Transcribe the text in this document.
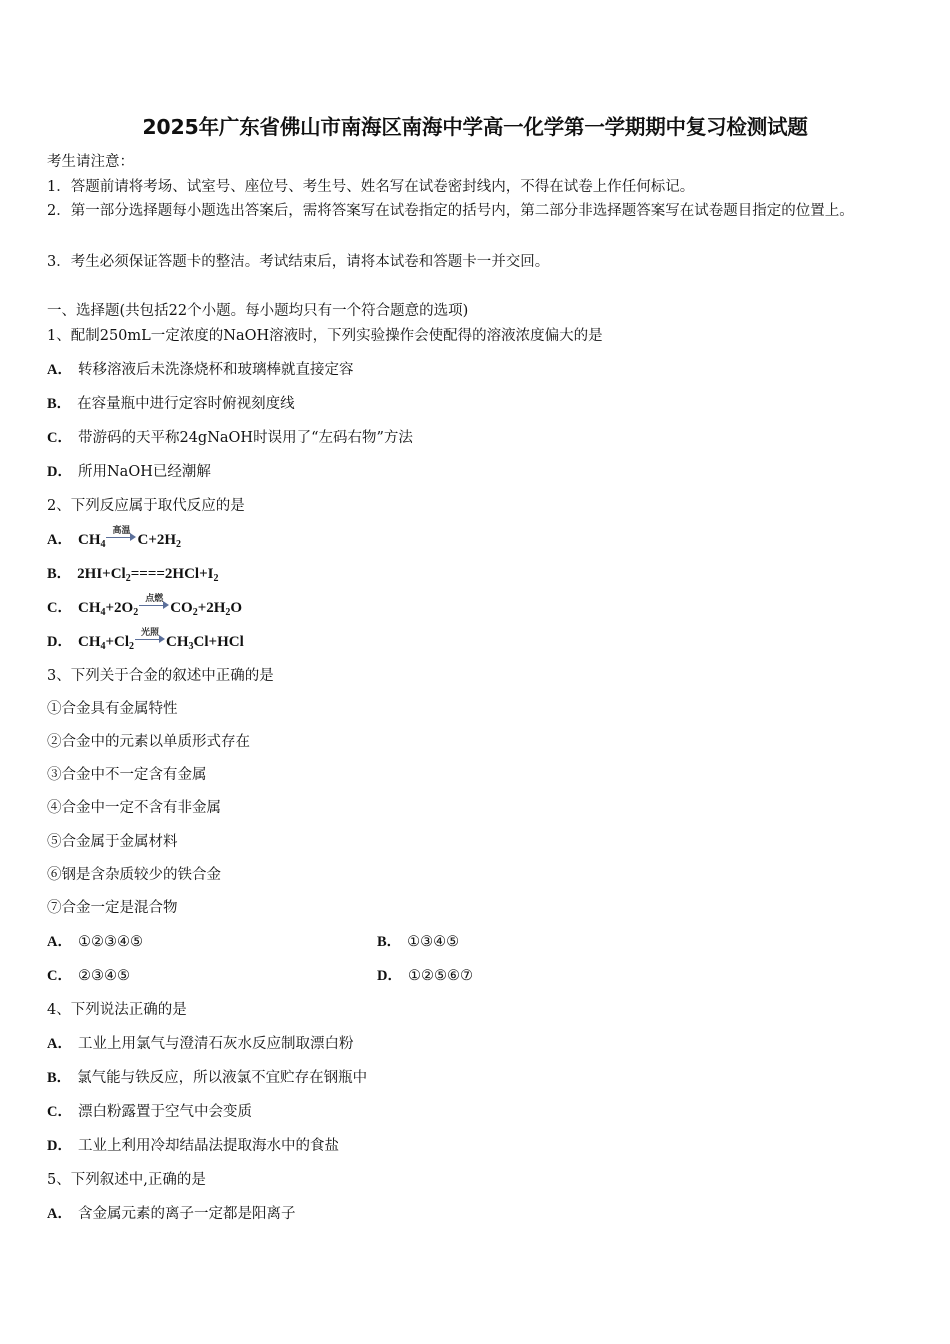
2025年广东省佛山市南海区南海中学高一化学第一学期期中复习检测试题
考生请注意：
1．答题前请将考场、试室号、座位号、考生号、姓名写在试卷密封线内，不得在试卷上作任何标记。
2．第一部分选择题每小题选出答案后，需将答案写在试卷指定的括号内，第二部分非选择题答案写在试卷题目指定的位置上。
3．考生必须保证答题卡的整洁。考试结束后，请将本试卷和答题卡一并交回。
一、选择题(共包括22个小题。每小题均只有一个符合题意的选项)
1、配制250mL一定浓度的NaOH溶液时，下列实验操作会使配得的溶液浓度偏大的是
A． 转移溶液后未洗涤烧杯和玻璃棒就直接定容
B． 在容量瓶中进行定容时俯视刻度线
C． 带游码的天平称24gNaOH时误用了“左码右物”方法
D． 所用NaOH已经潮解
2、下列反应属于取代反应的是
A． $CH_4$
高温
$C+2H_2$
B． $2HI+Cl_2====2HCl+I_2$
C． $CH_4+2O_2$
点燃
$CO_2+2H_2O$
D． $CH_4+Cl_2$
光照
$CH_3Cl+HCl$
3、下列关于合金的叙述中正确的是
①合金具有金属特性
②合金中的元素以单质形式存在
③合金中不一定含有金属
④合金中一定不含有非金属
⑤合金属于金属材料
⑥钢是含杂质较少的铁合金
⑦合金一定是混合物
A． ①②③④⑤	B． ①③④⑤
C． ②③④⑤	D． ①②⑤⑥⑦
4、下列说法正确的是
A． 工业上用氯气与澄清石灰水反应制取漂白粉
B． 氯气能与铁反应，所以液氯不宜贮存在钢瓶中
C． 漂白粉露置于空气中会变质
D． 工业上利用冷却结晶法提取海水中的食盐
5、下列叙述中,正确的是
A． 含金属元素的离子一定都是阳离子
